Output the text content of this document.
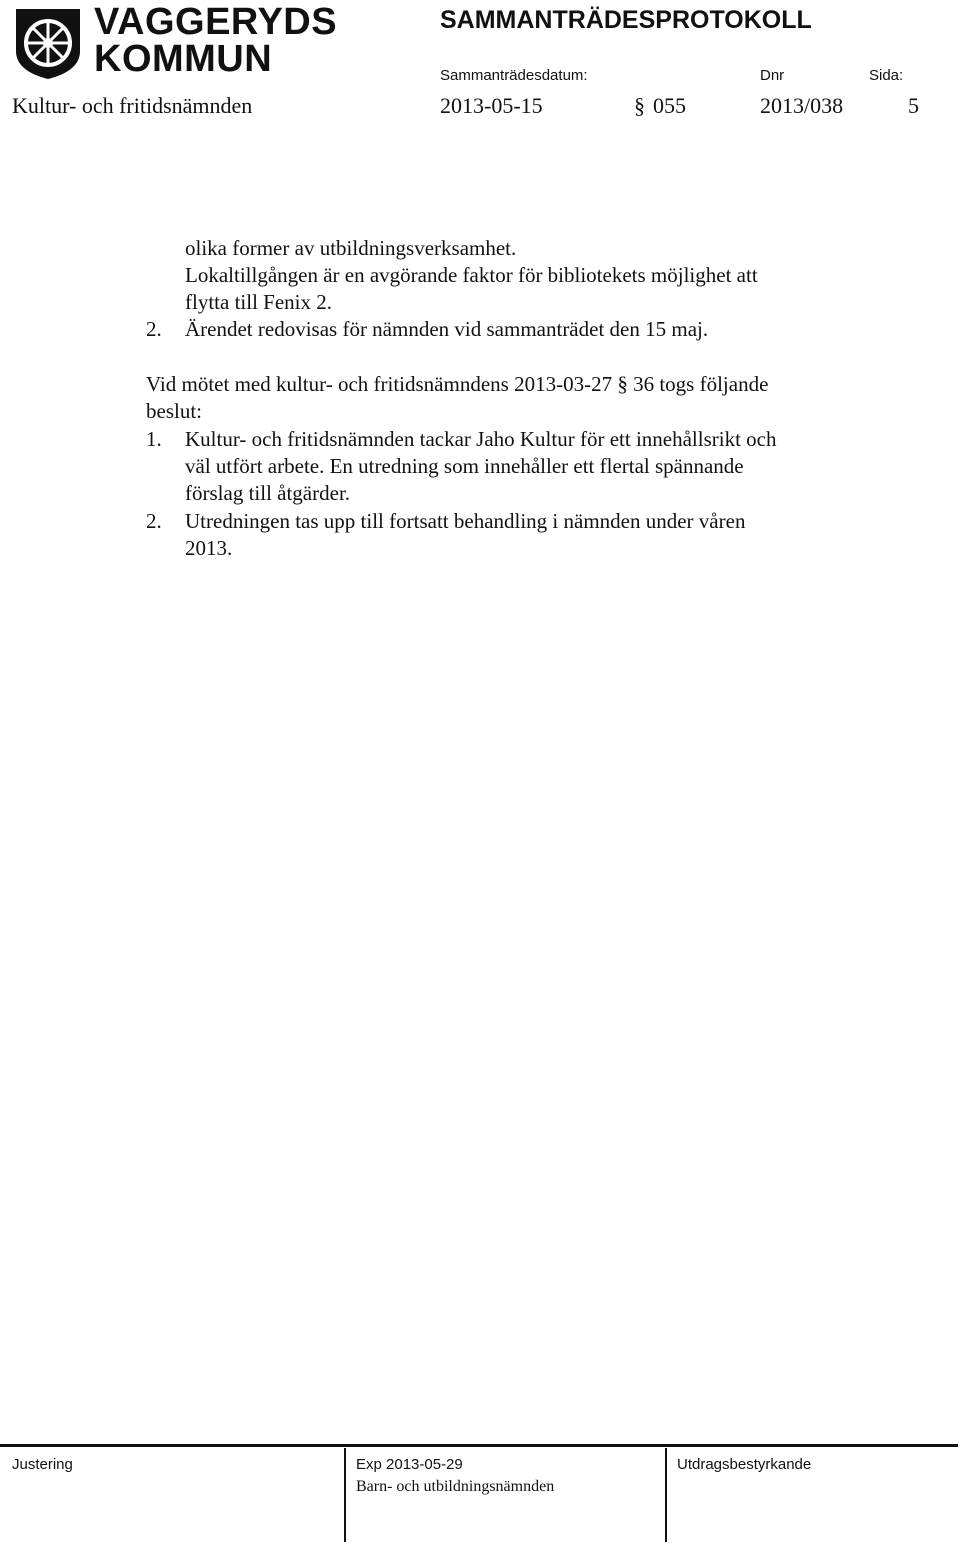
VAGGERYDS
KOMMUN
SAMMANTRÄDESPROTOKOLL
Sammanträdesdatum:	Dnr	Sida:
Kultur- och fritidsnämnden	2013-05-15	§ 055	2013/038	5
olika former av utbildningsverksamhet.
Lokaltillgången är en avgörande faktor för bibliotekets möjlighet att
flytta till Fenix 2.
2. Ärendet redovisas för nämnden vid sammanträdet den 15 maj.
Vid mötet med kultur- och fritidsnämndens 2013-03-27 § 36 togs följande
beslut:
1. Kultur- och fritidsnämnden tackar Jaho Kultur för ett innehållsrikt och
väl utfört arbete. En utredning som innehåller ett flertal spännande
förslag till åtgärder.
2. Utredningen tas upp till fortsatt behandling i nämnden under våren
2013.
Justering	Exp 2013-05-29
Barn- och utbildningsnämnden
Utdragsbestyrkande
